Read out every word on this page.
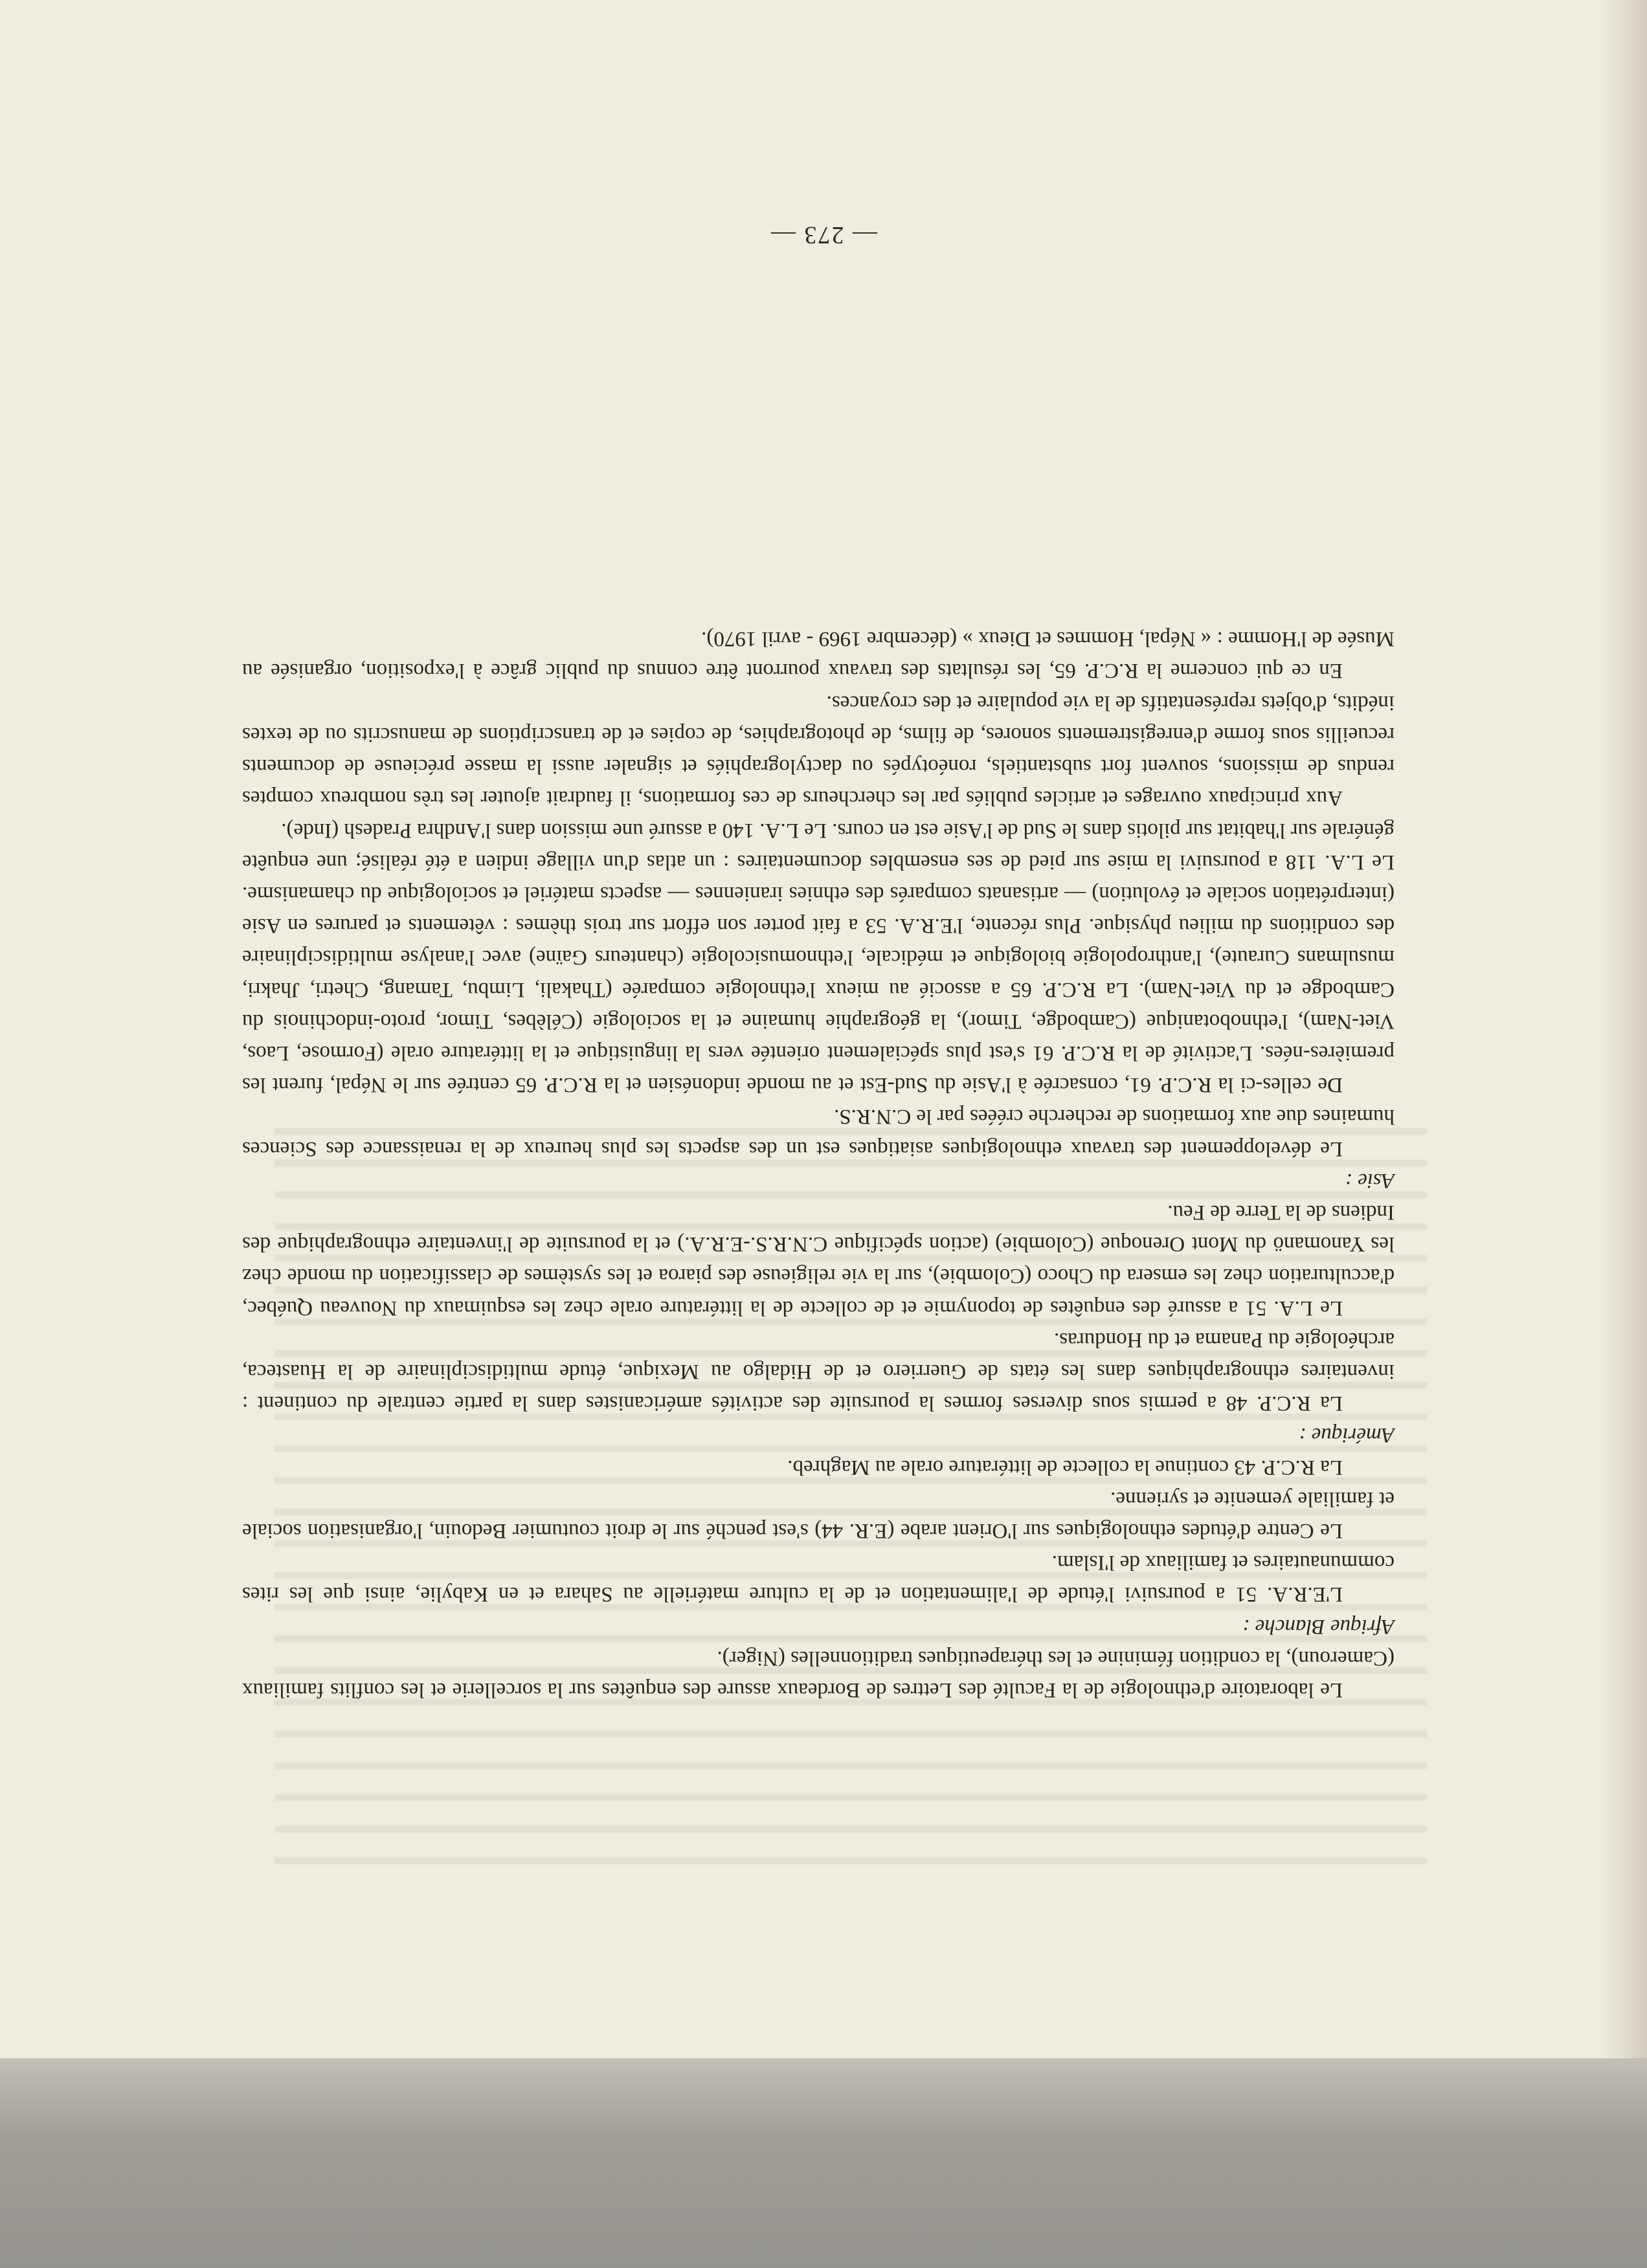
Le laboratoire d'ethnologie de la Faculté des Lettres de Bordeaux assure des enquêtes sur la sorcellerie et les conflits familiaux (Cameroun), la condition féminine et les thérapeutiques traditionnelles (Niger).

Afrique Blanche :

L'E.R.A. 51 a poursuivi l'étude de l'alimentation et de la culture matérielle au Sahara et en Kabylie, ainsi que les rites communautaires et familiaux de l'Islam.

Le Centre d'études ethnologiques sur l'Orient arabe (E.R. 44) s'est penché sur le droit coutumier Bedouin, l'organisation sociale et familiale yemenite et syrienne.

La R.C.P. 43 continue la collecte de littérature orale au Maghreb.

Amérique :

La R.C.P. 48 a permis sous diverses formes la poursuite des activités américanistes dans la partie centrale du continent : inventaires ethnographiques dans les états de Guerriero et de Hidalgo au Mexique, étude multidisciplinaire de la Huasteca, archéologie du Panama et du Honduras.

Le L.A. 51 a assuré des enquêtes de toponymie et de collecte de la littérature orale chez les esquimaux du Nouveau Québec, d'acculturation chez les emsera du Choco (Colombie), sur la vie religieuse des piaroa et les systèmes de classification du monde chez les Yanomanö du Mont Orenoque (Colombie) (action spécifique C.N.R.S.-E.R.A.) et la poursuite de l'inventaire ethnographique des Indiens de la Terre de Feu.

Asie :

Le développement des travaux ethnologiques asiatiques est un des aspects les plus heureux de la renaissance des Sciences humaines due aux formations de recherche créées par le C.N.R.S.

De celles-ci la R.C.P. 61, consacrée à l'Asie du Sud-Est et au monde indonésien et la R.C.P. 65 centrée sur le Népal, furent les premières-nées. L'activité de la R.C.P. 61 s'est plus spécialement orientée vers la linguistique et la littérature orale (Formose, Laos, Viet-Nam), l'ethnobotanique (Cambodge, Timor), la géographie humaine et la sociologie (Célèbes, Timor, proto-indochinois du Cambodge et du Viet-Nam). La R.C.P. 65 a associé au mieux l'ethnologie comparée (Thakali, Limbu, Tamang, Chetri, Jhakri, musulmans Curaute), l'anthropologie biologique et médicale, l'ethnomusicologie (chanteurs Gaïne) avec l'analyse multidisciplinaire des conditions du milieu physique. Plus récente, l'E.R.A. 53 a fait porter son effort sur trois thèmes : vêtements et parures en Asie (interprétation sociale et évolution) — artisanats comparés des ethnies iraniennes — aspects matériel et sociologique du chamanisme. Le L.A. 118 a poursuivi la mise sur pied de ses ensembles documentaires : un atlas d'un village indien a été réalisé; une enquête générale sur l'habitat sur pilotis dans le Sud de l'Asie est en cours. Le L.A. 140 a assuré une mission dans l'Andhra Pradesh (Inde).

Aux principaux ouvrages et articles publiés par les chercheurs de ces formations, il faudrait ajouter les très nombreux comptes rendus de missions, souvent fort substantiels, ronéotypés ou dactylographiés et signaler aussi la masse précieuse de documents recueillis sous forme d'enregistrements sonores, de films, de photographies, de copies et de transcriptions de manuscrits ou de textes inédits, d'objets représentatifs de la vie populaire et des croyances.

En ce qui concerne la R.C.P. 65, les résultats des travaux pourront être connus du public grâce à l'exposition, organisée au Musée de l'Homme : « Népal, Hommes et Dieux » (décembre 1969 - avril 1970).

— 273 —
